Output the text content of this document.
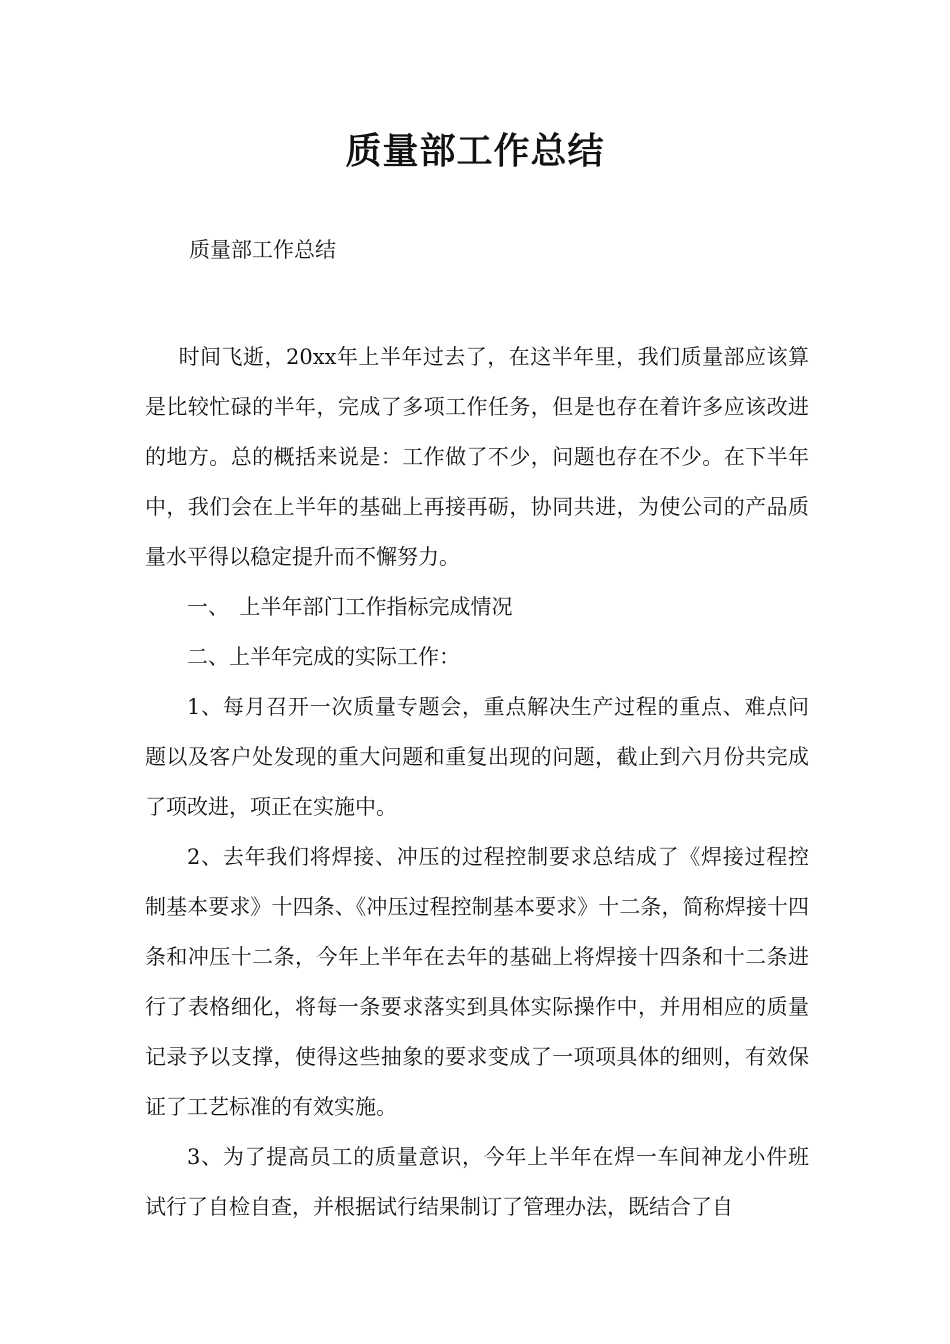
质量部工作总结
质量部工作总结

时间飞逝，20xx年上半年过去了，在这半年里，我们质量部应该算是比较忙碌的半年，完成了多项工作任务，但是也存在着许多应该改进的地方。总的概括来说是：工作做了不少，问题也存在不少。在下半年中，我们会在上半年的基础上再接再砺，协同共进，为使公司的产品质量水平得以稳定提升而不懈努力。

一、　上半年部门工作指标完成情况

二、上半年完成的实际工作：

1、每月召开一次质量专题会，重点解决生产过程的重点、难点问题以及客户处发现的重大问题和重复出现的问题，截止到六月份共完成了项改进，项正在实施中。

2、去年我们将焊接、冲压的过程控制要求总结成了《焊接过程控制基本要求》十四条、《冲压过程控制基本要求》十二条，简称焊接十四条和冲压十二条，今年上半年在去年的基础上将焊接十四条和十二条进行了表格细化，将每一条要求落实到具体实际操作中，并用相应的质量记录予以支撑，使得这些抽象的要求变成了一项项具体的细则，有效保证了工艺标准的有效实施。

3、为了提高员工的质量意识，今年上半年在焊一车间神龙小件班试行了自检自查，并根据试行结果制订了管理办法，既结合了自
